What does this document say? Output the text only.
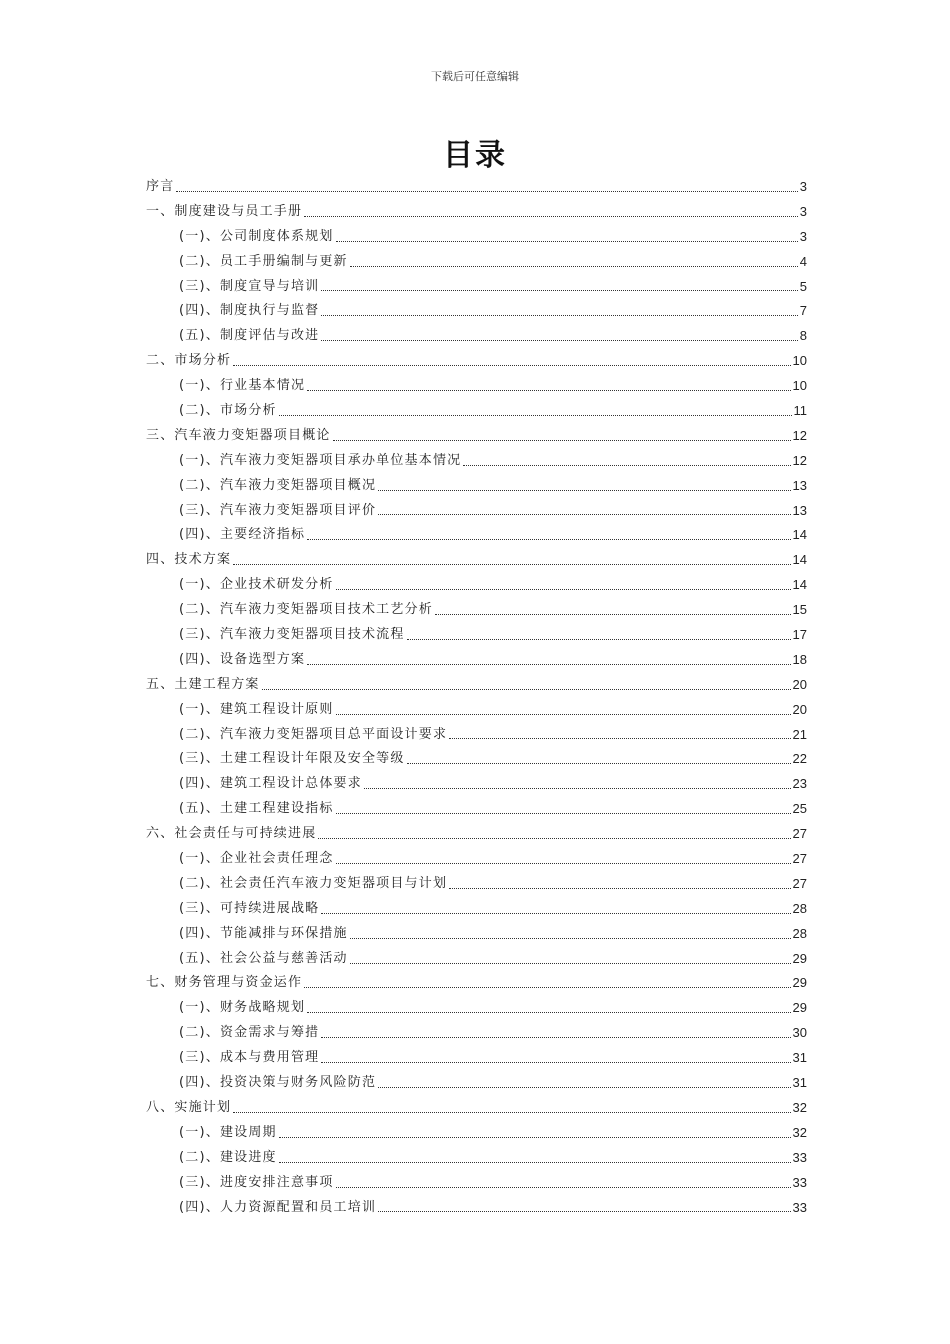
下载后可任意编辑
目录
序言	3
一、制度建设与员工手册	3
(一)、公司制度体系规划	3
(二)、员工手册编制与更新	4
(三)、制度宣导与培训	5
(四)、制度执行与监督	7
(五)、制度评估与改进	8
二、市场分析	10
(一)、行业基本情况	10
(二)、市场分析	11
三、汽车液力变矩器项目概论	12
(一)、汽车液力变矩器项目承办单位基本情况	12
(二)、汽车液力变矩器项目概况	13
(三)、汽车液力变矩器项目评价	13
(四)、主要经济指标	14
四、技术方案	14
(一)、企业技术研发分析	14
(二)、汽车液力变矩器项目技术工艺分析	15
(三)、汽车液力变矩器项目技术流程	17
(四)、设备选型方案	18
五、土建工程方案	20
(一)、建筑工程设计原则	20
(二)、汽车液力变矩器项目总平面设计要求	21
(三)、土建工程设计年限及安全等级	22
(四)、建筑工程设计总体要求	23
(五)、土建工程建设指标	25
六、社会责任与可持续进展	27
(一)、企业社会责任理念	27
(二)、社会责任汽车液力变矩器项目与计划	27
(三)、可持续进展战略	28
(四)、节能减排与环保措施	28
(五)、社会公益与慈善活动	29
七、财务管理与资金运作	29
(一)、财务战略规划	29
(二)、资金需求与筹措	30
(三)、成本与费用管理	31
(四)、投资决策与财务风险防范	31
八、实施计划	32
(一)、建设周期	32
(二)、建设进度	33
(三)、进度安排注意事项	33
(四)、人力资源配置和员工培训	33
